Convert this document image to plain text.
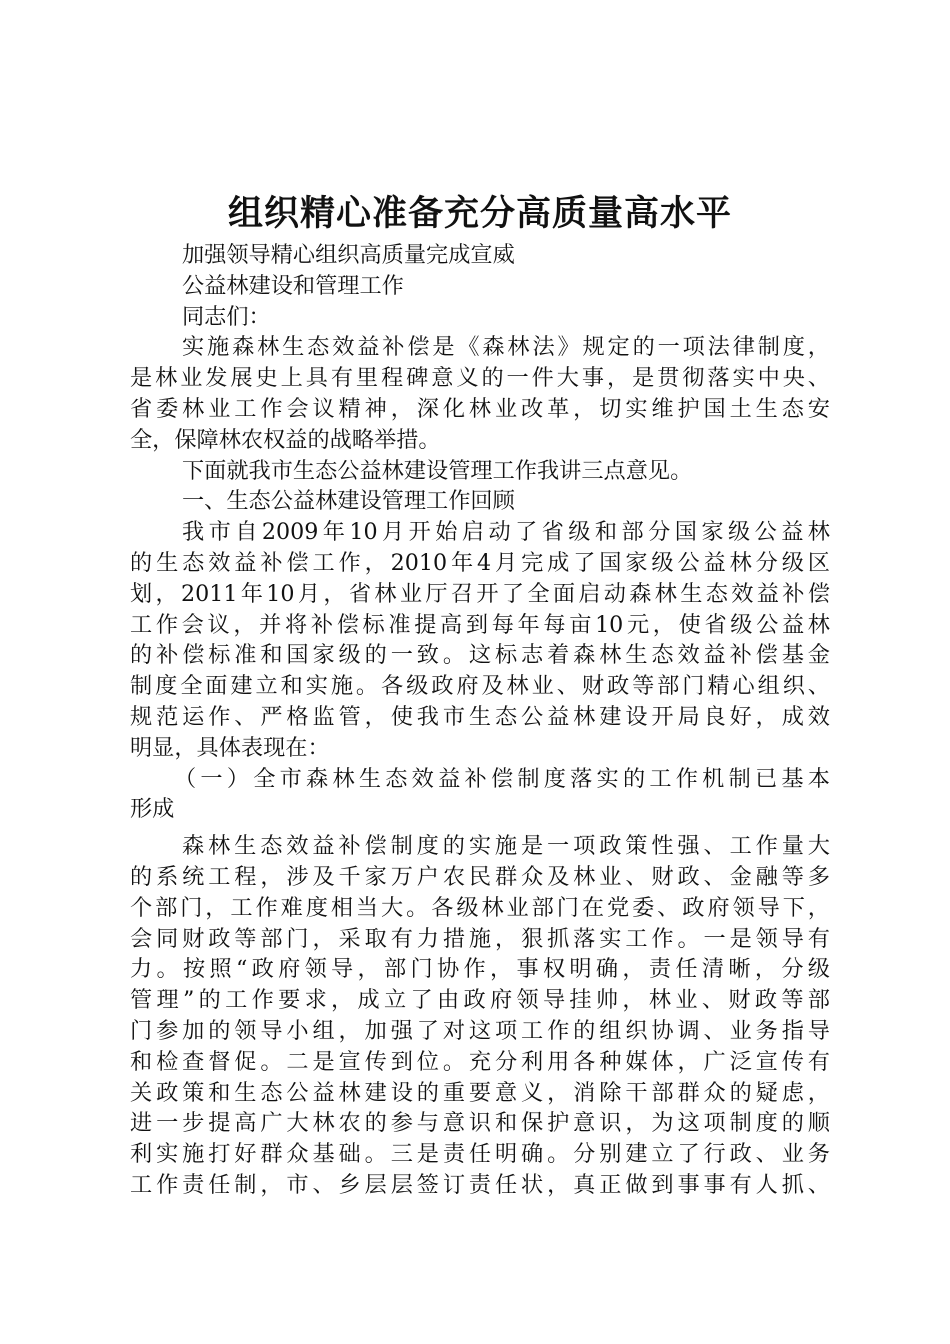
组织精心准备充分高质量高水平
加强领导精心组织高质量完成宣威
公益林建设和管理工作
同志们：
实施森林生态效益补偿是《森林法》规定的一项法律制度，
是林业发展史上具有里程碑意义的一件大事，是贯彻落实中央、
省委林业工作会议精神，深化林业改革，切实维护国土生态安
全，保障林农权益的战略举措。
下面就我市生态公益林建设管理工作我讲三点意见。
一、生态公益林建设管理工作回顾
我市自2009年10月开始启动了省级和部分国家级公益林
的生态效益补偿工作，2010年4月完成了国家级公益林分级区
划，2011年10月，省林业厅召开了全面启动森林生态效益补偿
工作会议，并将补偿标准提高到每年每亩10元，使省级公益林
的补偿标准和国家级的一致。这标志着森林生态效益补偿基金
制度全面建立和实施。各级政府及林业、财政等部门精心组织、
规范运作、严格监管，使我市生态公益林建设开局良好，成效
明显，具体表现在：
（一）全市森林生态效益补偿制度落实的工作机制已基本
形成
森林生态效益补偿制度的实施是一项政策性强、工作量大
的系统工程，涉及千家万户农民群众及林业、财政、金融等多
个部门，工作难度相当大。各级林业部门在党委、政府领导下，
会同财政等部门，采取有力措施，狠抓落实工作。一是领导有
力。按照“政府领导，部门协作，事权明确，责任清晰，分级
管理”的工作要求，成立了由政府领导挂帅，林业、财政等部
门参加的领导小组，加强了对这项工作的组织协调、业务指导
和检查督促。二是宣传到位。充分利用各种媒体，广泛宣传有
关政策和生态公益林建设的重要意义，消除干部群众的疑虑，
进一步提高广大林农的参与意识和保护意识，为这项制度的顺
利实施打好群众基础。三是责任明确。分别建立了行政、业务
工作责任制，市、乡层层签订责任状，真正做到事事有人抓、
